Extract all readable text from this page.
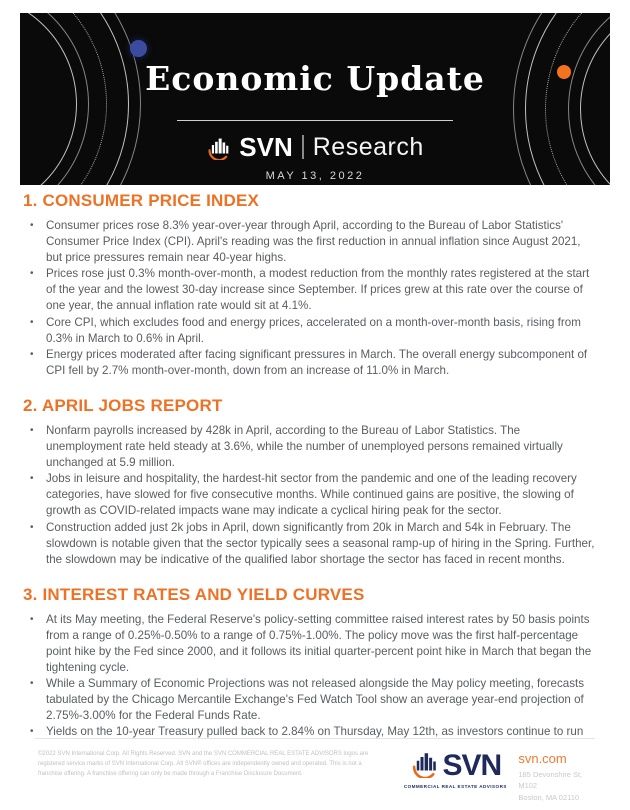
Economic Update
SVN Research
MAY 13, 2022
1. CONSUMER PRICE INDEX
•	Consumer prices rose 8.3% year-over-year through April, according to the Bureau of Labor Statistics' Consumer Price Index (CPI). April's reading was the first reduction in annual inflation since August 2021, but price pressures remain near 40-year highs.
•	Prices rose just 0.3% month-over-month, a modest reduction from the monthly rates registered at the start of the year and the lowest 30-day increase since September. If prices grew at this rate over the course of one year, the annual inflation rate would sit at 4.1%.
•	Core CPI, which excludes food and energy prices, accelerated on a month-over-month basis, rising from 0.3% in March to 0.6% in April.
•	Energy prices moderated after facing significant pressures in March. The overall energy subcomponent of CPI fell by 2.7% month-over-month, down from an increase of 11.0% in March.
2. APRIL JOBS REPORT
•	Nonfarm payrolls increased by 428k in April, according to the Bureau of Labor Statistics. The unemployment rate held steady at 3.6%, while the number of unemployed persons remained virtually unchanged at 5.9 million.
•	Jobs in leisure and hospitality, the hardest-hit sector from the pandemic and one of the leading recovery categories, have slowed for five consecutive months. While continued gains are positive, the slowing of growth as COVID-related impacts wane may indicate a cyclical hiring peak for the sector.
•	Construction added just 2k jobs in April, down significantly from 20k in March and 54k in February. The slowdown is notable given that the sector typically sees a seasonal ramp-up of hiring in the Spring. Further, the slowdown may be indicative of the qualified labor shortage the sector has faced in recent months.
3. INTEREST RATES AND YIELD CURVES
•	At its May meeting, the Federal Reserve's policy-setting committee raised interest rates by 50 basis points from a range of 0.25%-0.50% to a range of 0.75%-1.00%. The policy move was the first half-percentage point hike by the Fed since 2000, and it follows its initial quarter-percent point hike in March that began the tightening cycle.
•	While a Summary of Economic Projections was not released alongside the May policy meeting, forecasts tabulated by the Chicago Mercantile Exchange's Fed Watch Tool show an average year-end projection of 2.75%-3.00% for the Federal Funds Rate.
•	Yields on the 10-year Treasury pulled back to 2.84% on Thursday, May 12th, as investors continue to run
©2022 SVN International Corp. All Rights Reserved. SVN and the SVN COMMERCIAL REAL ESTATE ADVISORS logos are registered service marks of SVN International Corp. All SVN® offices are independently owned and operated. This is not a franchise offering. A franchise offering can only be made through a Franchise Disclosure Document.	SVN
COMMERCIAL REAL ESTATE ADVISORS
svn.com
185 Devonshire St, M102
Boston, MA 02110
